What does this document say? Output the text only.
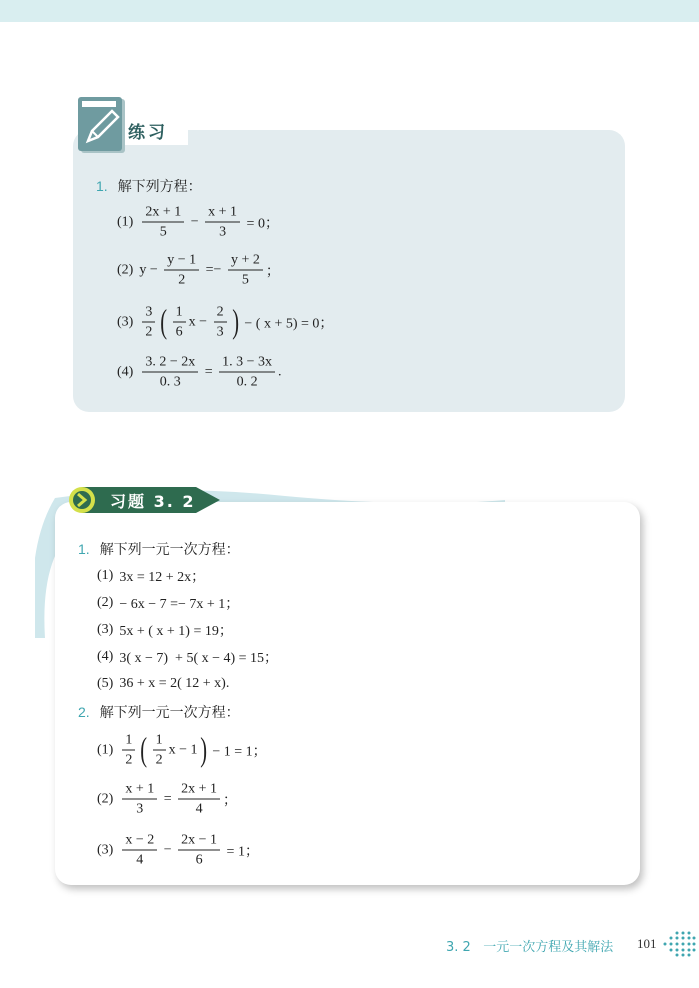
练习
习题 3. 2
1. 解下列方程：
$(1) \frac{2x + 1}{5} - \frac{x + 1}{3} = 0$；
(2) $y - \frac{y - 1}{2} =- \frac{y + 2}{5}$ ；
$(3) \frac{3}{2}$ ( $\frac{1}{6}$ $x - \frac{2}{3}$ ) − ( x + 5) = 0；
$(4) \frac{3. 2 - 2x}{0. 3} = \frac{1. 3 - 3x}{0. 2}$ .
1. 解下列一元一次方程：
(1) 3x = 12 + 2x；
(2) − 6x − 7 =− 7x + 1；
(3) 5x + ( x + 1) = 19；
(4) 3( x − 7)  + 5( x − 4) = 15；
(5) 36 + x = 2( 12 + x).
2. 解下列一元一次方程：
$(1) \frac{1}{2}$ ( $\frac{1}{2}$ x − 1 ) − 1 = 1；
$(2) \frac{x + 1}{3} = \frac{2x + 1}{4}$ ；
$(3) \frac{x - 2}{4} - \frac{2x - 1}{6} = 1$；
3. 2   一元一次方程及其解法 101
